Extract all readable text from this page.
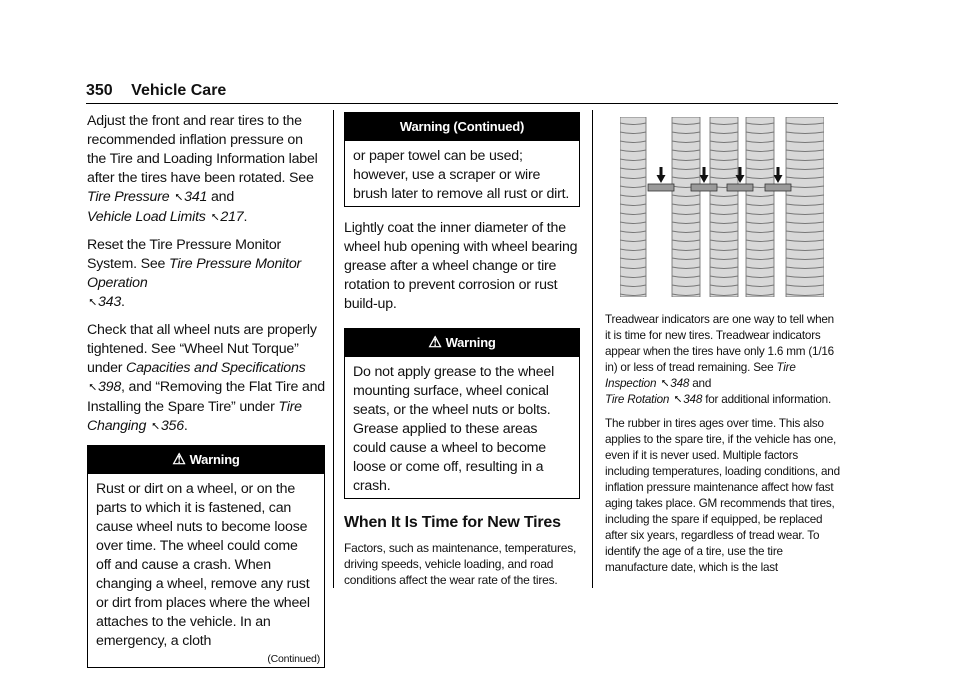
350 Vehicle Care

Adjust the front and rear tires to the recommended inflation pressure on the Tire and Loading Information label after the tires have been rotated. See Tire Pressure ⭦ 341 and
Vehicle Load Limits ⭦ 217.

Reset the Tire Pressure Monitor System. See Tire Pressure Monitor Operation
⭦ 343.

Check that all wheel nuts are properly tightened. See “Wheel Nut Torque” under Capacities and Specifications
⭦ 398, and “Removing the Flat Tire and Installing the Spare Tire” under Tire Changing ⭦ 356.

⚠ Warning
Rust or dirt on a wheel, or on the parts to which it is fastened, can cause wheel nuts to become loose over time. The wheel could come off and cause a crash. When changing a wheel, remove any rust or dirt from places where the wheel attaches to the vehicle. In an emergency, a cloth
(Continued)
Warning (Continued)
or paper towel can be used; however, use a scraper or wire brush later to remove all rust or dirt.

Lightly coat the inner diameter of the wheel hub opening with wheel bearing grease after a wheel change or tire rotation to prevent corrosion or rust build-up.

⚠ Warning
Do not apply grease to the wheel mounting surface, wheel conical seats, or the wheel nuts or bolts. Grease applied to these areas could cause a wheel to become loose or come off, resulting in a crash.
When It Is Time for New Tires

Factors, such as maintenance, temperatures, driving speeds, vehicle loading, and road conditions affect the wear rate of the tires.

Treadwear indicators are one way to tell when it is time for new tires. Treadwear indicators appear when the tires have only 1.6 mm (1/16 in) or less of tread remaining. See Tire Inspection ⭦ 348 and
Tire Rotation ⭦ 348 for additional information.

The rubber in tires ages over time. This also applies to the spare tire, if the vehicle has one, even if it is never used. Multiple factors including temperatures, loading conditions, and inflation pressure maintenance affect how fast aging takes place. GM recommends that tires, including the spare if equipped, be replaced after six years, regardless of tread wear. To identify the age of a tire, use the tire manufacture date, which is the last
